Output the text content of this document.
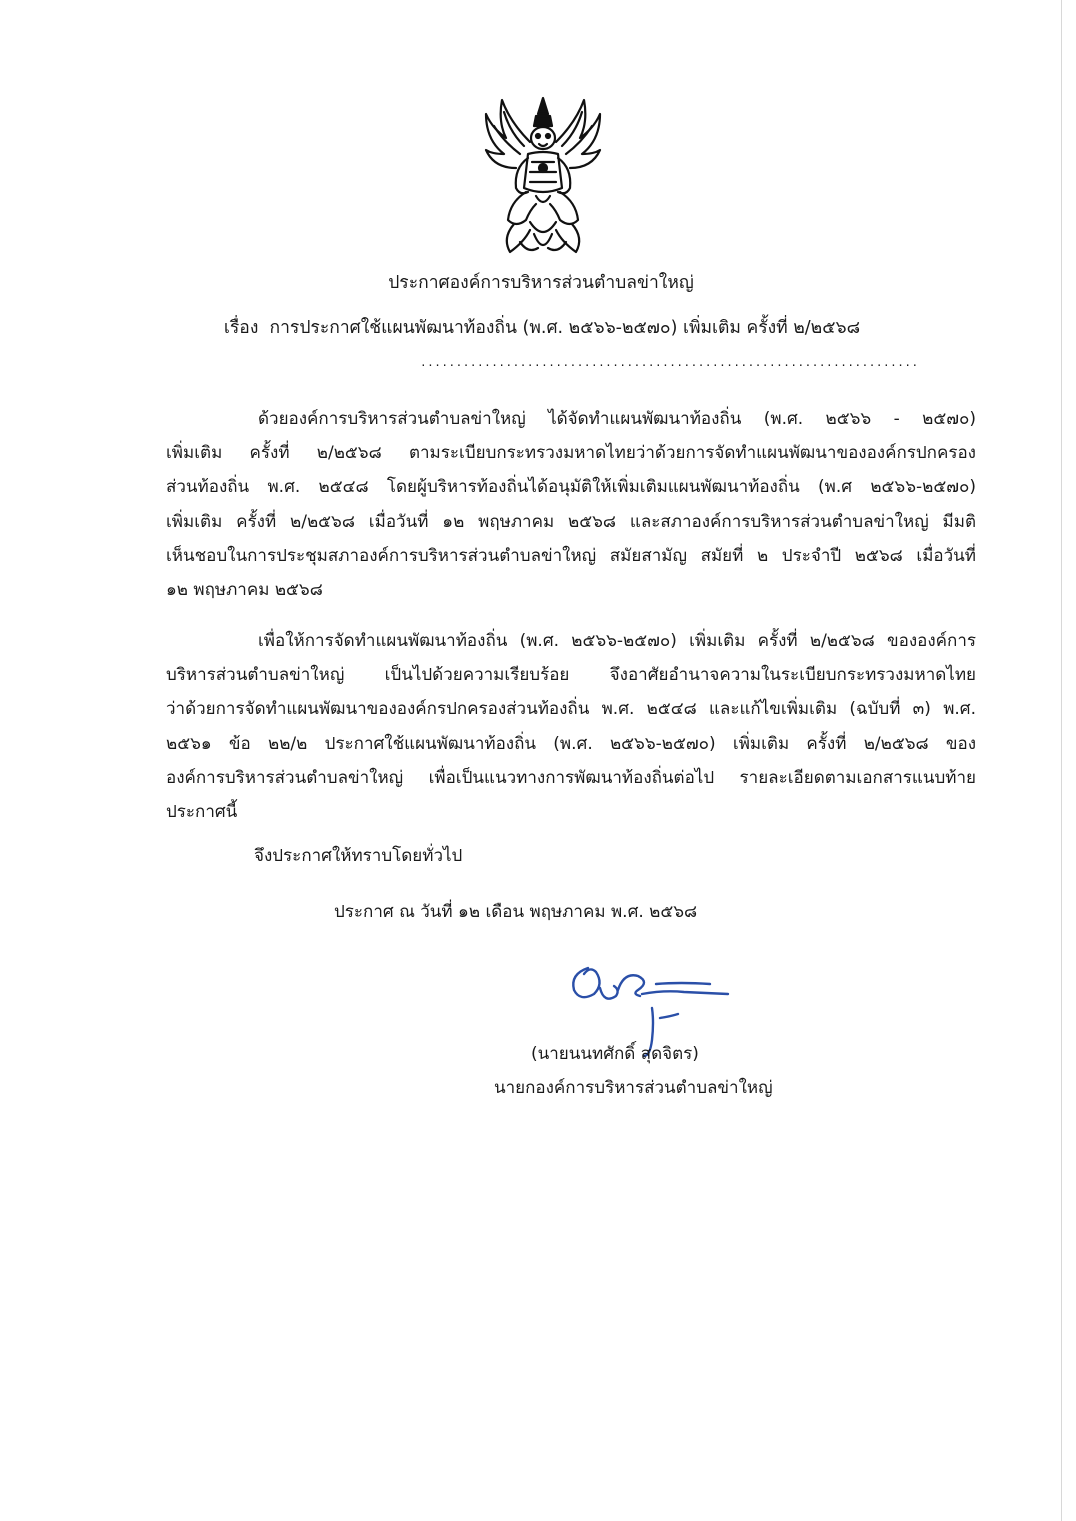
ประกาศองค์การบริหารส่วนตำบลข่าใหญ่
เรื่อง การประกาศใช้แผนพัฒนาท้องถิ่น (พ.ศ. ๒๕๖๖-๒๕๗๐) เพิ่มเติม ครั้งที่ ๒/๒๕๖๘
......................................................................
ด้วยองค์การบริหารส่วนตำบลข่าใหญ่ ได้จัดทำแผนพัฒนาท้องถิ่น (พ.ศ. ๒๕๖๖ - ๒๕๗๐)
เพิ่มเติม ครั้งที่ ๒/๒๕๖๘ ตามระเบียบกระทรวงมหาดไทยว่าด้วยการจัดทำแผนพัฒนาขององค์กรปกครอง
ส่วนท้องถิ่น พ.ศ. ๒๕๔๘ โดยผู้บริหารท้องถิ่นได้อนุมัติให้เพิ่มเติมแผนพัฒนาท้องถิ่น (พ.ศ ๒๕๖๖-๒๕๗๐)
เพิ่มเติม ครั้งที่ ๒/๒๕๖๘ เมื่อวันที่ ๑๒ พฤษภาคม ๒๕๖๘ และสภาองค์การบริหารส่วนตำบลข่าใหญ่ มีมติ
เห็นชอบในการประชุมสภาองค์การบริหารส่วนตำบลข่าใหญ่ สมัยสามัญ สมัยที่ ๒ ประจำปี ๒๕๖๘ เมื่อวันที่
๑๒ พฤษภาคม ๒๕๖๘
เพื่อให้การจัดทำแผนพัฒนาท้องถิ่น (พ.ศ. ๒๕๖๖-๒๕๗๐) เพิ่มเติม ครั้งที่ ๒/๒๕๖๘ ขององค์การ
บริหารส่วนตำบลข่าใหญ่ เป็นไปด้วยความเรียบร้อย จึงอาศัยอำนาจความในระเบียบกระทรวงมหาดไทย
ว่าด้วยการจัดทำแผนพัฒนาขององค์กรปกครองส่วนท้องถิ่น พ.ศ. ๒๕๔๘ และแก้ไขเพิ่มเติม (ฉบับที่ ๓) พ.ศ.
๒๕๖๑ ข้อ ๒๒/๒ ประกาศใช้แผนพัฒนาท้องถิ่น (พ.ศ. ๒๕๖๖-๒๕๗๐) เพิ่มเติม ครั้งที่ ๒/๒๕๖๘ ของ
องค์การบริหารส่วนตำบลข่าใหญ่ เพื่อเป็นแนวทางการพัฒนาท้องถิ่นต่อไป รายละเอียดตามเอกสารแนบท้าย
ประกาศนี้
จึงประกาศให้ทราบโดยทั่วไป
ประกาศ ณ วันที่ ๑๒ เดือน พฤษภาคม พ.ศ. ๒๕๖๘
(นายนนทศักดิ์ สุดจิตร)
นายกองค์การบริหารส่วนตำบลข่าใหญ่
